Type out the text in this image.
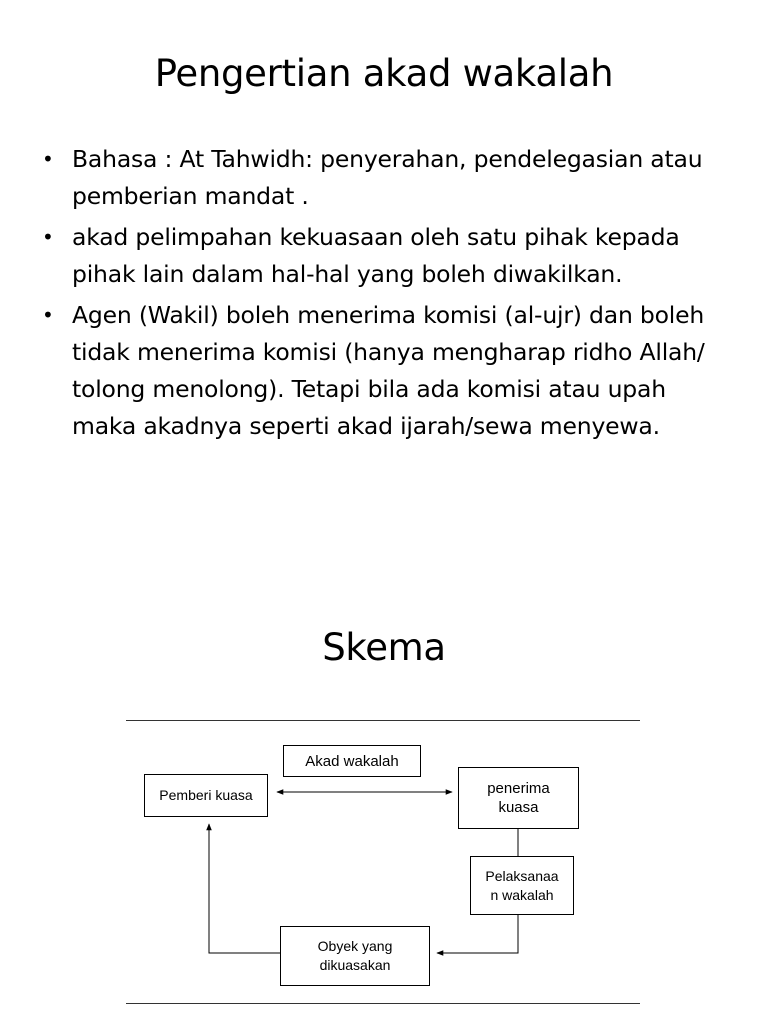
Pengertian akad wakalah
• Bahasa : At Tahwidh: penyerahan, pendelegasian atau pemberian mandat .
• akad pelimpahan kekuasaan oleh satu pihak kepada pihak lain dalam hal-hal yang boleh diwakilkan.
• Agen (Wakil) boleh menerima komisi (al-ujr) dan boleh tidak menerima komisi (hanya mengharap ridho Allah/ tolong menolong). Tetapi bila ada komisi atau upah maka akadnya seperti akad ijarah/sewa menyewa.
Skema
Akad wakalah
Pemberi kuasa	penerima
kuasa
Pelaksanaa
n wakalah
Obyek yang
dikuasakan
